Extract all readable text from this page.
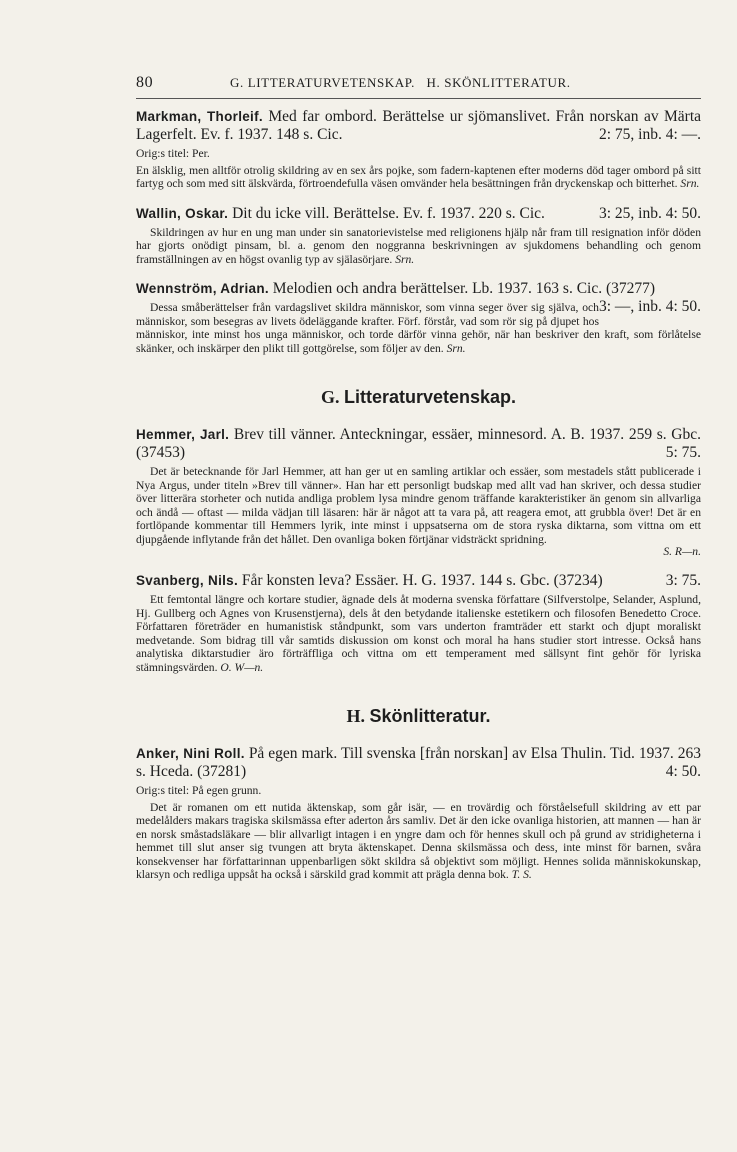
80	G. LITTERATURVETENSKAP.   H. SKÖNLITTERATUR.
Markman, Thorleif. Med far ombord. Berättelse ur sjömanslivet. Från norskan av Märta Lagerfelt. Ev. f. 1937. 148 s. Cic.	2: 75, inb. 4: —.
Orig:s titel: Per.
En älsklig, men alltför otrolig skildring av en sex års pojke, som fadern-kaptenen efter moderns död tager ombord på sitt fartyg och som med sitt älskvärda, förtroendefulla väsen omvänder hela besättningen från dryckenskap och bitterhet. Srn.
Wallin, Oskar. Dit du icke vill. Berättelse. Ev. f. 1937. 220 s. Cic.	3: 25, inb. 4: 50.
Skildringen av hur en ung man under sin sanatorievistelse med religionens hjälp når fram till resignation inför döden har gjorts onödigt pinsam, bl. a. genom den noggranna beskrivningen av sjukdomens behandling och genom framställningen av en högst ovanlig typ av själasörjare. Srn.
Wennström, Adrian. Melodien och andra berättelser. Lb. 1937. 163 s. Cic. (37277)
3: —, inb. 4: 50.
Dessa småberättelser från vardagslivet skildra människor, som vinna seger över sig själva, och människor, som besegras av livets ödeläggande krafter. Förf. förstår, vad som rör sig på djupet hos människor, inte minst hos unga människor, och torde därför vinna gehör, när han beskriver den kraft, som förlåtelse skänker, och inskärper den plikt till gottgörelse, som följer av den. Srn.
G. Litteraturvetenskap.
Hemmer, Jarl. Brev till vänner. Anteckningar, essäer, minnesord. A. B. 1937. 259 s. Gbc. (37453)	5: 75.
Det är betecknande för Jarl Hemmer, att han ger ut en samling artiklar och essäer, som mestadels stått publicerade i Nya Argus, under titeln »Brev till vänner». Han har ett personligt budskap med allt vad han skriver, och dessa studier över litterära storheter och nutida andliga problem lysa mindre genom träffande karakteristiker än genom sin allvarliga och ändå — oftast — milda vädjan till läsaren: här är något att ta vara på, att reagera emot, att grubbla över! Det är en fortlöpande kommentar till Hemmers lyrik, inte minst i uppsatserna om de stora ryska diktarna, som vittna om ett djupgående inflytande från det hållet. Den ovanliga boken förtjänar vidsträckt spridning.
S. R—n.
Svanberg, Nils. Får konsten leva? Essäer. H. G. 1937. 144 s. Gbc. (37234)	3: 75.
Ett femtontal längre och kortare studier, ägnade dels åt moderna svenska författare (Silfverstolpe, Selander, Asplund, Hj. Gullberg och Agnes von Krusenstjerna), dels åt den betydande italienske estetikern och filosofen Benedetto Croce. Författaren företräder en humanistisk ståndpunkt, som vars underton framträder ett starkt och djupt moraliskt medvetande. Som bidrag till vår samtids diskussion om konst och moral ha hans studier stort intresse. Också hans analytiska diktarstudier äro förträffliga och vittna om ett temperament med sällsynt fint gehör för lyriska stämningsvärden. O. W—n.
H. Skönlitteratur.
Anker, Nini Roll. På egen mark. Till svenska [från norskan] av Elsa Thulin. Tid. 1937. 263 s. Hceda. (37281)	4: 50.
Orig:s titel: På egen grunn.
Det är romanen om ett nutida äktenskap, som går isär, — en trovärdig och förståelsefull skildring av ett par medelålders makars tragiska skilsmässa efter aderton års samliv. Det är den icke ovanliga historien, att mannen — han är en norsk småstadsläkare — blir allvarligt intagen i en yngre dam och för hennes skull och på grund av stridigheterna i hemmet till slut anser sig tvungen att bryta äktenskapet. Denna skilsmässa och dess, inte minst för barnen, svåra konsekvenser har författarinnan uppenbarligen sökt skildra så objektivt som möjligt. Hennes solida människokunskap, klarsyn och redliga uppsåt ha också i särskild grad kommit att prägla denna bok. T. S.
